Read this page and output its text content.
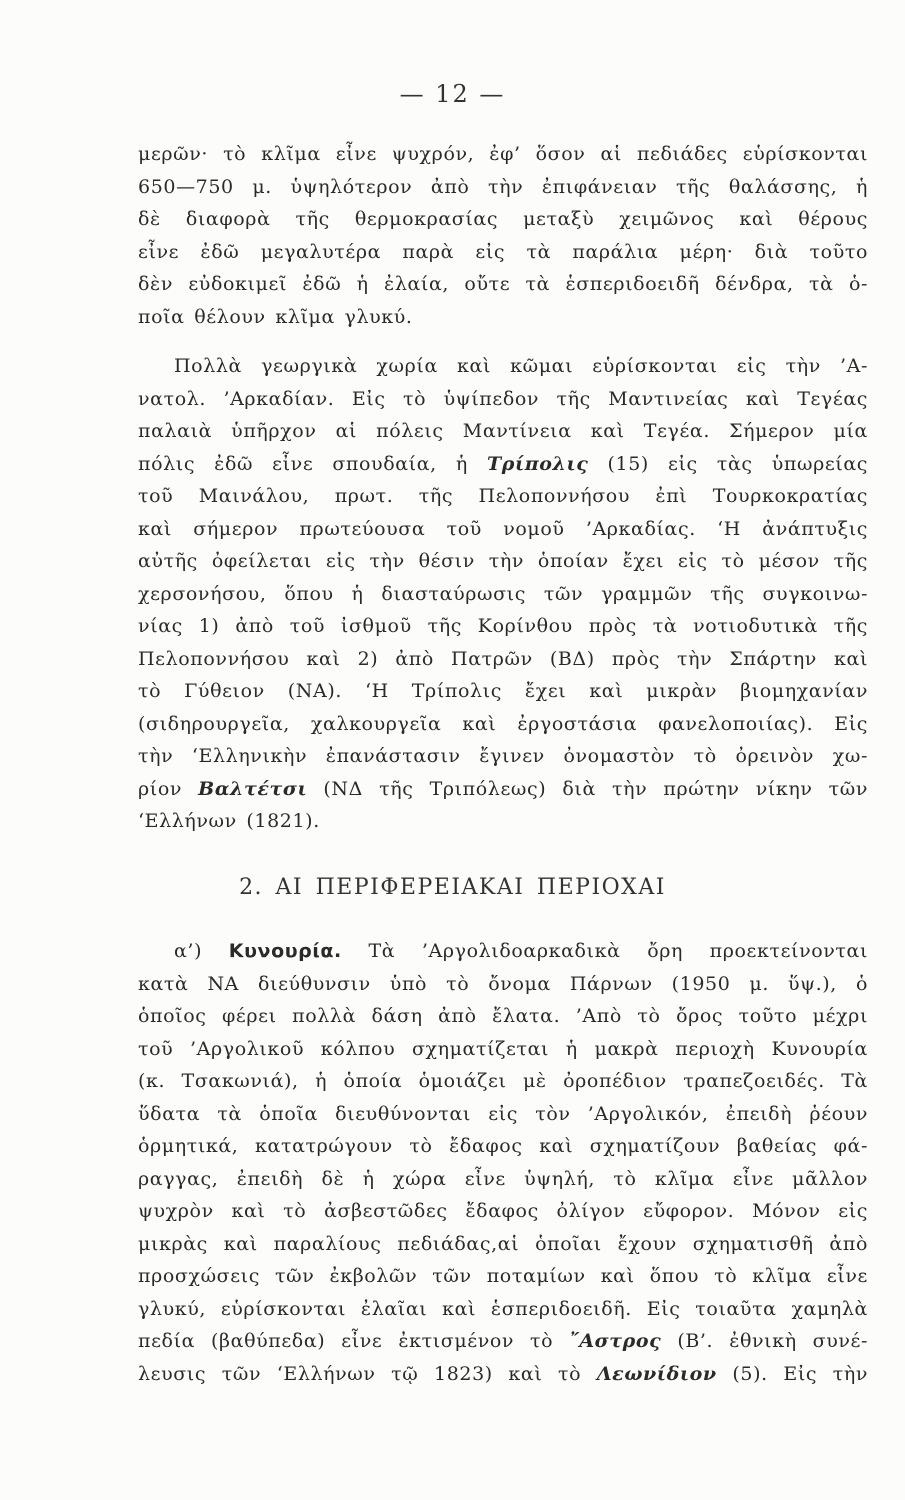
— 12 —
μερῶν· τὸ κλῖμα εἶνε ψυχρόν, ἐφ’ ὅσον αἱ πεδιάδες εὑρίσκονται
650—750 μ. ὑψηλότερον ἀπὸ τὴν ἐπιφάνειαν τῆς θαλάσσης, ἡ
δὲ διαφορὰ τῆς θερμοκρασίας μεταξὺ χειμῶνος καὶ θέρους
εἶνε ἐδῶ μεγαλυτέρα παρὰ εἰς τὰ παράλια μέρη· διὰ τοῦτο
δὲν εὐδοκιμεῖ ἐδῶ ἡ ἐλαία, οὔτε τὰ ἑσπεριδοειδῆ δένδρα, τὰ ὁ-
ποῖα θέλουν κλῖμα γλυκύ.
Πολλὰ γεωργικὰ χωρία καὶ κῶμαι εὑρίσκονται εἰς τὴν ’Α-
νατολ. ’Αρκαδίαν. Εἰς τὸ ὑψίπεδον τῆς Μαντινείας καὶ Τεγέας
παλαιὰ ὑπῆρχον αἱ πόλεις Μαντίνεια καὶ Τεγέα. Σήμερον μία
πόλις ἐδῶ εἶνε σπουδαία, ἡ Τρίπολις (15) εἰς τὰς ὑπωρείας
τοῦ Μαινάλου, πρωτ. τῆς Πελοποννήσου ἐπὶ Τουρκοκρατίας
καὶ σήμερον πρωτεύουσα τοῦ νομοῦ ’Αρκαδίας. ‘Η ἀνάπτυξις
αὐτῆς ὀφείλεται εἰς τὴν θέσιν τὴν ὁποίαν ἔχει εἰς τὸ μέσον τῆς
χερσονήσου, ὅπου ἡ διασταύρωσις τῶν γραμμῶν τῆς συγκοινω-
νίας 1) ἀπὸ τοῦ ἰσθμοῦ τῆς Κορίνθου πρὸς τὰ νοτιοδυτικὰ τῆς
Πελοποννήσου καὶ 2) ἀπὸ Πατρῶν (ΒΔ) πρὸς τὴν Σπάρτην καὶ
τὸ Γύθειον (ΝΑ). ‘Η Τρίπολις ἔχει καὶ μικρὰν βιομηχανίαν
(σιδηρουργεῖα, χαλκουργεῖα καὶ ἐργοστάσια φανελοποιίας). Εἰς
τὴν ‘Ελληνικὴν ἐπανάστασιν ἔγινεν ὀνομαστὸν τὸ ὀρεινὸν χω-
ρίον Βαλτέτσι (ΝΔ τῆς Τριπόλεως) διὰ τὴν πρώτην νίκην τῶν
‘Ελλήνων (1821).
2. ΑΙ ΠΕΡΙΦΕΡΕΙΑΚΑΙ ΠΕΡΙΟΧΑΙ
α’) Κυνουρία. Τὰ ’Αργολιδοαρκαδικὰ ὄρη προεκτείνονται
κατὰ ΝΑ διεύθυνσιν ὑπὸ τὸ ὄνομα Πάρνων (1950 μ. ὕψ.), ὁ
ὁποῖος φέρει πολλὰ δάση ἀπὸ ἔλατα. ’Απὸ τὸ ὄρος τοῦτο μέχρι
τοῦ ’Αργολικοῦ κόλπου σχηματίζεται ἡ μακρὰ περιοχὴ Κυνουρία
(κ. Τσακωνιά), ἡ ὁποία ὁμοιάζει μὲ ὀροπέδιον τραπεζοειδές. Τὰ
ὕδατα τὰ ὁποῖα διευθύνονται εἰς τὸν ’Αργολικόν, ἐπειδὴ ῥέουν
ὁρμητικά, κατατρώγουν τὸ ἔδαφος καὶ σχηματίζουν βαθείας φά-
ραγγας, ἐπειδὴ δὲ ἡ χώρα εἶνε ὑψηλή, τὸ κλῖμα εἶνε μᾶλλον
ψυχρὸν καὶ τὸ ἀσβεστῶδες ἔδαφος ὀλίγον εὔφορον. Μόνον εἰς
μικρὰς καὶ παραλίους πεδιάδας,αἱ ὁποῖαι ἔχουν σχηματισθῆ ἀπὸ
προσχώσεις τῶν ἐκβολῶν τῶν ποταμίων καὶ ὅπου τὸ κλῖμα εἶνε
γλυκύ, εὑρίσκονται ἐλαῖαι καὶ ἑσπεριδοειδῆ. Εἰς τοιαῦτα χαμηλὰ
πεδία (βαθύπεδα) εἶνε ἐκτισμένον τὸ ῎Αστρος (Β’. ἐθνικὴ συνέ-
λευσις τῶν ‘Ελλήνων τῷ 1823) καὶ τὸ Λεωνίδιον (5). Εἰς τὴν
